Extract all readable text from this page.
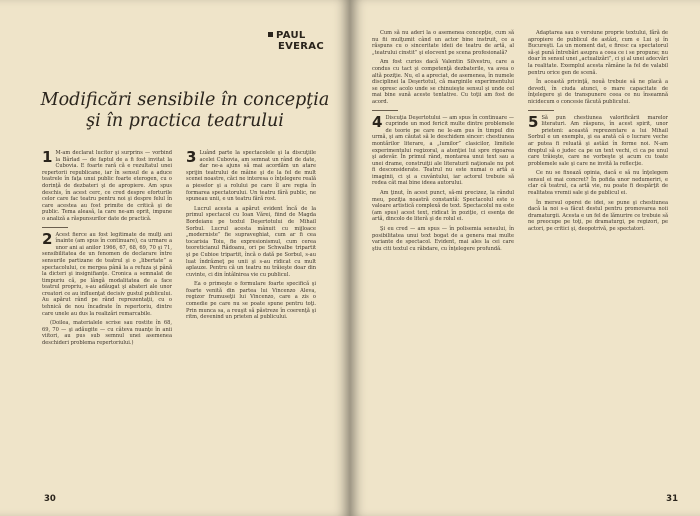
PAUL
EVERAC
Modificări sensibile în concepţia
şi în practica teatrului

1 M-am declarat lucitor şi surprins — vorbind la Bârlad — de faptul de a fi fost invitat la Cubovia. E foarte rară că e rezultatul unei repertorii republicane, iar în sensul de a aduce teatrele în faţa unui public foarte eterogen, cu o dorinţă de dezbateri şi de apropiere. Am spus deschis, în acest cerc, ce cred despre eforturile celor care fac teatru pentru noi şi despre felul în care acestea au fost primite de critică şi de public. Tema aleasă, la care ne-am oprit, impune o analiză a răspunsurilor date de practică.

2 Acest fierce au fost legitimate de mulţi ani înainte (am spus în continuare), ca urmare a unor ani ai anilor 1966, 67, 68, 69, 70 şi 71, sensibilitatea de un fenomen de declarare între sensurile partizane de teatrul şi o „libertate” a spectacolului, ce mergea până la a refuza şi până la dicteri şi insignifianţe. Cronica a semnalat de timpuriu că, pe lângă modalitatea de a face teatrul propriu, s-au adăugat şi abateri ale unor creatori ce au influenţat decisiv gustul publicului. Au apărut rând pe rând reprezentaţii, cu o tehnică de nou încadrate în repertoriu, dintre care unele au dus la realizări remarcabile.

(Doilea, materialele scrise sau rostite în 68, 69, 70 — şi adăugite — cu câteva nuanţe în anii viitori, au pus sub semnul unei asemenea deschideri problema repertoriului.)

3 Luând parte la spectacolele şi la discuţiile acelei Cubovia, am semnat un rând de date, dar ne-a ajuns să mai acordăm un atare sprijin teatrului de mâine şi de la fel de mult scenei noastre, căci ne interesa o înţelegere reală a pieselor şi a rolului pe care îl are regia în formarea spectatorului. Un teatru fără public, ne spuneau unii, e un teatru fără rost.

Lucrul acesta a apărut evident încă de la primul spectacol cu Ioan Vărei, fiind de Magda Bordeianu pe textul Deşertotului de Mihail Sorbul. Lucrul acesta mânuit cu mijloace „moderniste” fie supraveghiat, cum ar fi cea tocarisia Toiu, fie expresionismul, cum cerea teoreticianul Rădoanu, ori pe Schwalbe tripartit şi pe Cubioe tripartit, încă o dată pe Sorbul, s-au luat îndrăzneţ pe unii şi s-au ridicat cu mult aplauze. Pentru că un teatru nu trăieşte doar din cuvinte, ci din întâlnirea vie cu publicul.

Ea o primeşte o formulare foarte specifică şi foarte venită din partea lui Vincenzo Aleva, regizor frumuseţii lui Vincenzo, care a zis o comedie pe care nu se poate spune pentru toţi. Prin munca sa, a reuşit să păstreze în coerenţă şi ritm, devenind un prieten al publicului.

30

Cum să nu aderi la o asemenea concepţie, cum să nu fii mulţumit când un actor bine instruit, ce a răspuns cu o sinceritate ideii de teatru de artă, al „teatrului cinstit” şi elocvent pe scena profesională?

Am fost curios dacă Valentin Silvestru, care a condus cu tact şi competenţă dezbaterile, va avea o altă poziţie. Nu, el a apreciat, de asemenea, în numele disciplinei la Deşertotul, că marginile experimentului se opresc acolo unde se chinuieşte sensul şi unde cel mai bine sună aceste tentative. Cu toţii am fost de acord.

4 Discuţia Deşertotului — am spus în continuare — cuprinde un mod fericit multe dintre problemele de teorie pe care ne le-am pus în timpul din urmă, şi am căutat să le deschidem sincer: chestiunea montărilor literare, a „lumilor” clasicilor, limitele experimentului regizoral, a atenţiei lui spre rigoarea şi adevăr. În primul rând, montarea unui text sau a unei drame, construiţii ale literaturii naţionale nu pot fi desconsiderate. Teatrul nu este numai o artă a imaginii, ci şi a cuvântului, iar actorul trebuie să redea cât mai bine ideea autorului.

Am ţinut, în acest punct, să-mi precizez, la rândul meu, poziţia noastră constantă: Spectacolul este o valoare artistică complexă de text. Spectacolul nu este (am spus) acest text, ridicat în poziţie, ci esenţa de artă, dincolo de literă şi de rolul ei.

Şi eu cred — am spus — în polisemia sensului, în posibilitatea unui text bogat de a genera mai multe variante de spectacol. Evident, mai ales la cei care ştiu citi textul cu răbdare, cu înţelegere profundă.

Adaptarea sau o versiune proprie textului, fără de apropiere de publicul de astăzi, cum e Lui şi în Bucureşti. La un moment dat, e firesc ca spectatorul să-şi pună întrebări asupra a ceea ce i se propune; nu doar în sensul unei „actualizări”, ci şi al unei adecvări la realitate. Exemplul acesta rămâne la fel de valabil pentru orice gen de scenă.

În această privinţă, nouă trebuie să ne placă a devedi, în ciuda atunci, o mare capacitate de înţelegere şi de transpunere ceea ce nu înseamnă nicidecum o concesie făcută publicului.

5 Să pun chestiunea valorificării marelor literaturi. Am răspuns, în acest spirit, unor prieteni: această reprezentare a lui Mihail Sorbul e un exemplu, şi ea arată că o lucrare veche ar putea fi reluată şi astăzi în forme noi. N-am dreptul să o judec ca pe un text vechi, ci ca pe unul care trăieşte, care ne vorbeşte şi acum cu toate problemele sale şi care ne invită la reflecţie.

Ce nu se fixează opinia, dacă e să nu înţelegem sensul ei mai concret? În pofida unor nedumeriri, e clar că teatrul, ca artă vie, nu poate fi despărţit de realitatea vremii sale şi de publicul ei.

În mersul operei de idei, se pune şi chestiunea dacă la noi s-a făcut destul pentru promovarea noii dramaturgii. Acesta e un fel de lămurire ce trebuie să ne preocupe pe toţi, pe dramaturgi, pe regizori, pe actori, pe critici şi, deopotrivă, pe spectatori.

31
